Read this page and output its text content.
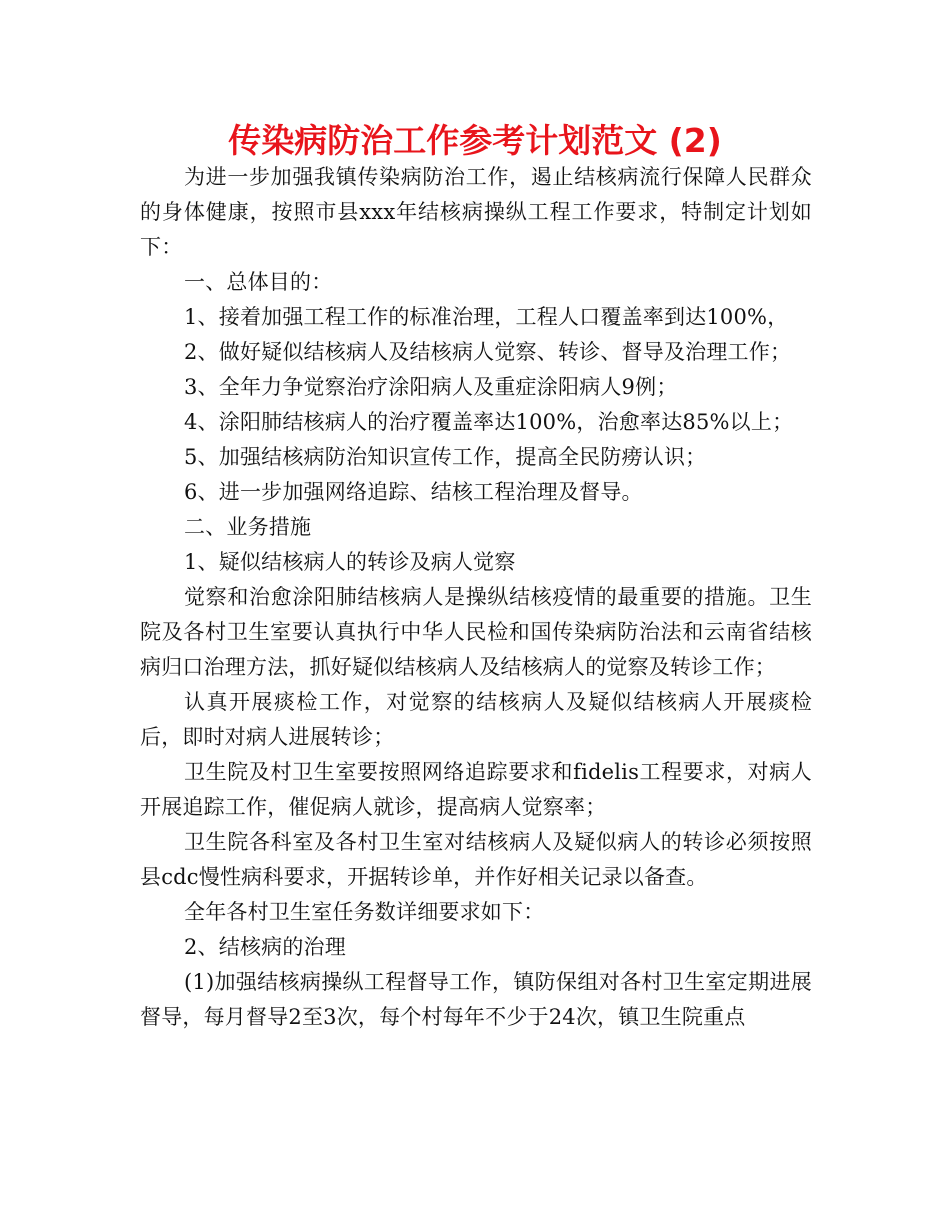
传染病防治工作参考计划范文 (2)

为进一步加强我镇传染病防治工作，遏止结核病流行保障人民群众的身体健康，按照市县xxx年结核病操纵工程工作要求，特制定计划如下：

一、总体目的：

1、接着加强工程工作的标准治理，工程人口覆盖率到达100%，

2、做好疑似结核病人及结核病人觉察、转诊、督导及治理工作；

3、全年力争觉察治疗涂阳病人及重症涂阳病人9例；

4、涂阳肺结核病人的治疗覆盖率达100%，治愈率达85%以上；

5、加强结核病防治知识宣传工作，提高全民防痨认识；

6、进一步加强网络追踪、结核工程治理及督导。

二、业务措施

1、疑似结核病人的转诊及病人觉察

觉察和治愈涂阳肺结核病人是操纵结核疫情的最重要的措施。卫生院及各村卫生室要认真执行中华人民检和国传染病防治法和云南省结核病归口治理方法，抓好疑似结核病人及结核病人的觉察及转诊工作；

认真开展痰检工作，对觉察的结核病人及疑似结核病人开展痰检后，即时对病人进展转诊；

卫生院及村卫生室要按照网络追踪要求和fidelis工程要求，对病人开展追踪工作，催促病人就诊，提高病人觉察率；

卫生院各科室及各村卫生室对结核病人及疑似病人的转诊必须按照县cdc慢性病科要求，开据转诊单，并作好相关记录以备查。

全年各村卫生室任务数详细要求如下：

2、结核病的治理

(1)加强结核病操纵工程督导工作，镇防保组对各村卫生室定期进展督导，每月督导2至3次，每个村每年不少于24次，镇卫生院重点
